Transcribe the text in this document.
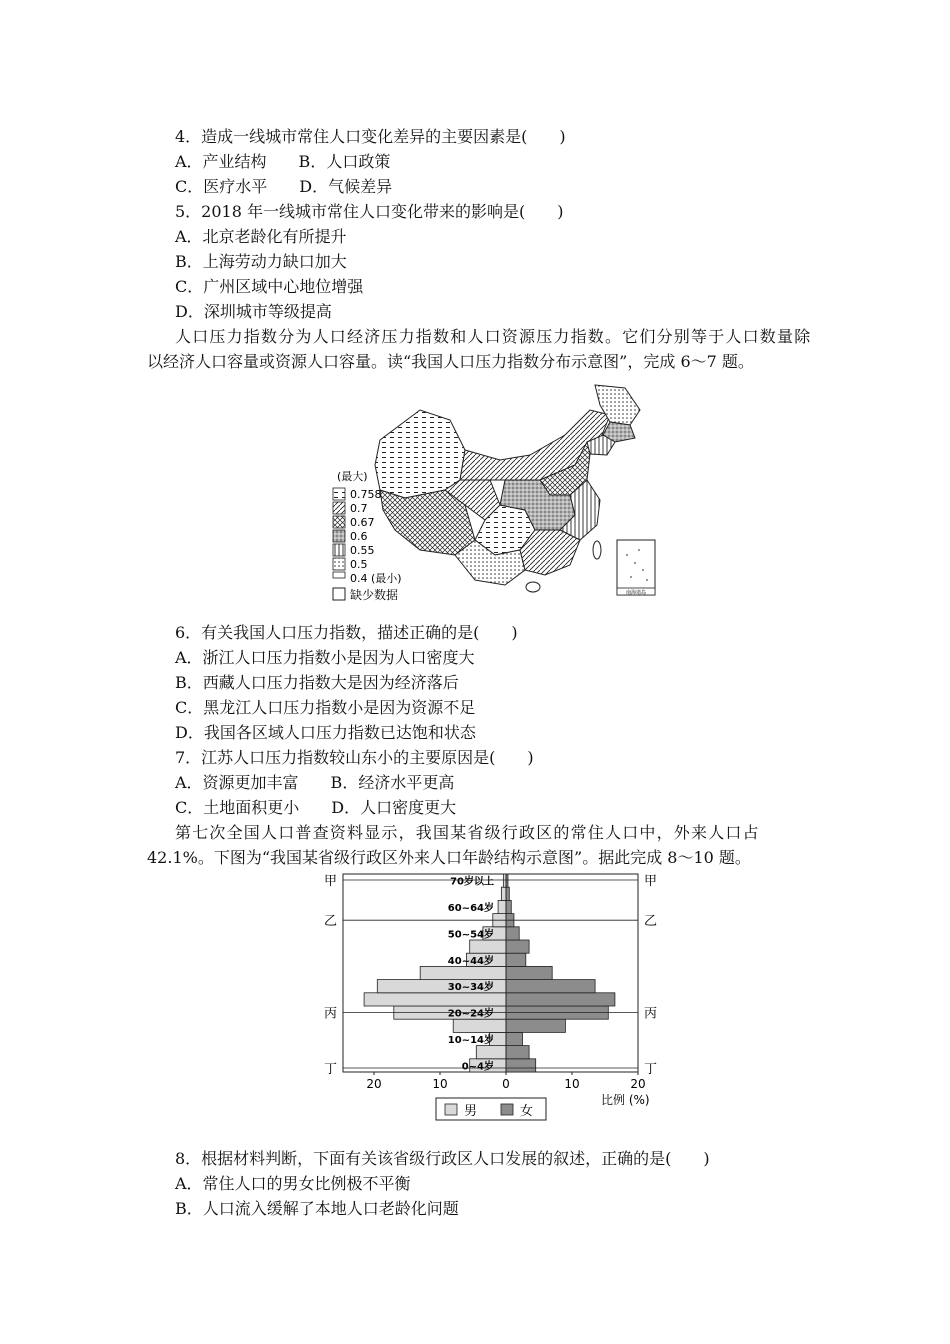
4．造成一线城市常住人口变化差异的主要因素是(　　)
A．产业结构　　B．人口政策
C．医疗水平　　D．气候差异
5．2018 年一线城市常住人口变化带来的影响是(　　)
A．北京老龄化有所提升
B．上海劳动力缺口加大
C．广州区域中心地位增强
D．深圳城市等级提高
人口压力指数分为人口经济压力指数和人口资源压力指数。它们分别等于人口数量除
以经济人口容量或资源人口容量。读“我国人口压力指数分布示意图”，完成 6～7 题。
(最大)
0.758
0.7
0.67
0.6
0.55
0.5
0.4 (最小)
缺少数据	南海诸岛
6．有关我国人口压力指数，描述正确的是(　　)
A．浙江人口压力指数小是因为人口密度大
B．西藏人口压力指数大是因为经济落后
C．黑龙江人口压力指数小是因为资源不足
D．我国各区域人口压力指数已达饱和状态
7．江苏人口压力指数较山东小的主要原因是(　　)
A．资源更加丰富　　B．经济水平更高
C．土地面积更小　　D．人口密度更大
第七次全国人口普查资料显示，我国某省级行政区的常住人口中，外来人口占
42.1%。下图为“我国某省级行政区外来人口年龄结构示意图”。据此完成 8～10 题。
0~4岁
10~14岁
20~24岁
30~34岁
40~44岁
50~54岁
60~64岁
70岁以上
20	10	0	10	20
甲	甲
乙	乙
丙	丙
丁	丁
比例 (%)
男	女
8．根据材料判断，下面有关该省级行政区人口发展的叙述，正确的是(　　)
A．常住人口的男女比例极不平衡
B．人口流入缓解了本地人口老龄化问题
